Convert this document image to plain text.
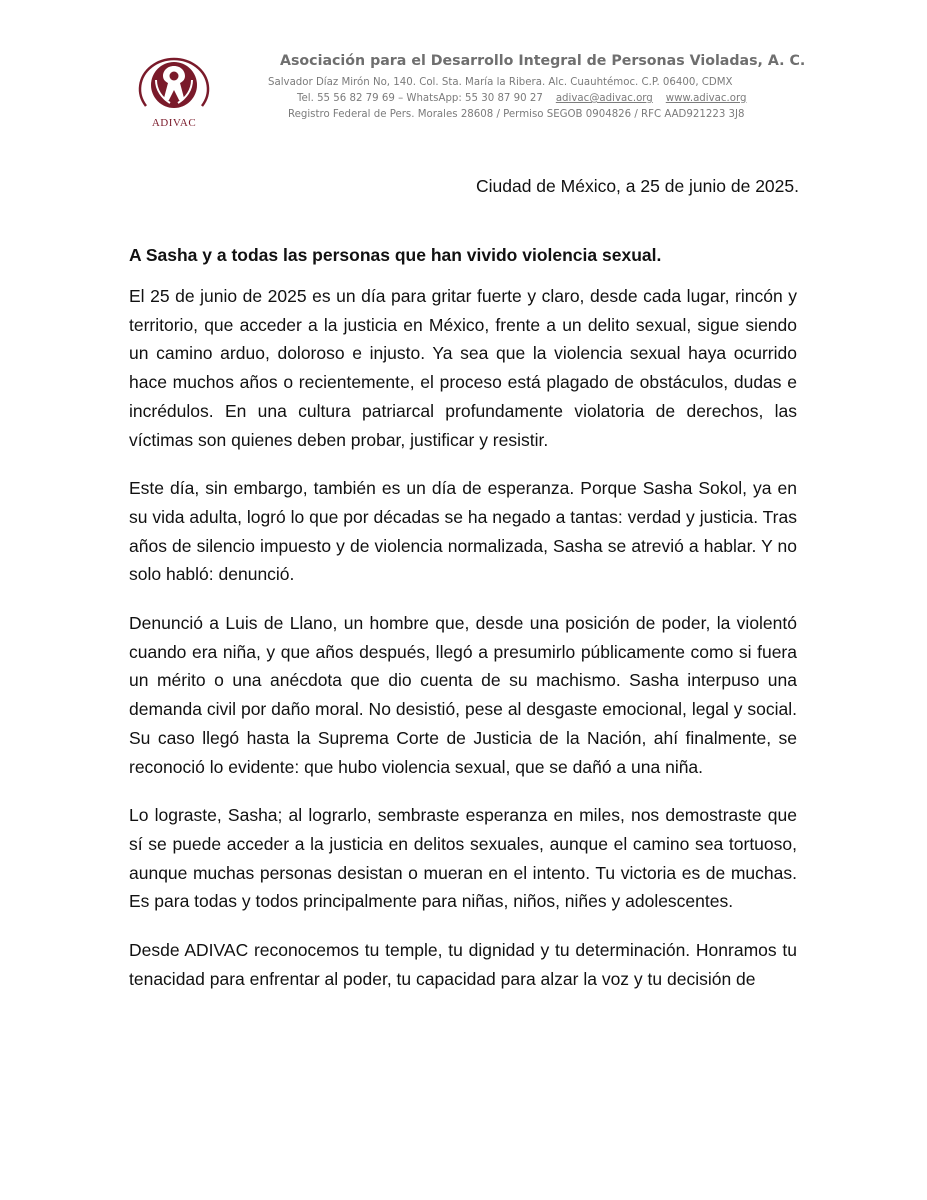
ADIVAC
Asociación para el Desarrollo Integral de Personas Violadas, A. C.
Salvador Díaz Mirón No, 140. Col. Sta. María la Ribera. Alc. Cuauhtémoc. C.P. 06400, CDMX
Tel. 55 56 82 79 69 – WhatsApp: 55 30 87 90 27 adivac@adivac.org www.adivac.org
Registro Federal de Pers. Morales 28608 / Permiso SEGOB 0904826 / RFC AAD921223 3J8
Ciudad de México, a 25 de junio de 2025.
A Sasha y a todas las personas que han vivido violencia sexual.

El 25 de junio de 2025 es un día para gritar fuerte y claro, desde cada lugar, rincón y territorio, que acceder a la justicia en México, frente a un delito sexual, sigue siendo un camino arduo, doloroso e injusto. Ya sea que la violencia sexual haya ocurrido hace muchos años o recientemente, el proceso está plagado de obstáculos, dudas e incrédulos. En una cultura patriarcal profundamente violatoria de derechos, las víctimas son quienes deben probar, justificar y resistir.

Este día, sin embargo, también es un día de esperanza. Porque Sasha Sokol, ya en su vida adulta, logró lo que por décadas se ha negado a tantas: verdad y justicia. Tras años de silencio impuesto y de violencia normalizada, Sasha se atrevió a hablar. Y no solo habló: denunció.

Denunció a Luis de Llano, un hombre que, desde una posición de poder, la violentó cuando era niña, y que años después, llegó a presumirlo públicamente como si fuera un mérito o una anécdota que dio cuenta de su machismo. Sasha interpuso una demanda civil por daño moral. No desistió, pese al desgaste emocional, legal y social. Su caso llegó hasta la Suprema Corte de Justicia de la Nación, ahí finalmente, se reconoció lo evidente: que hubo violencia sexual, que se dañó a una niña.

Lo lograste, Sasha; al lograrlo, sembraste esperanza en miles, nos demostraste que sí se puede acceder a la justicia en delitos sexuales, aunque el camino sea tortuoso, aunque muchas personas desistan o mueran en el intento. Tu victoria es de muchas. Es para todas y todos principalmente para niñas, niños, niñes y adolescentes.

Desde ADIVAC reconocemos tu temple, tu dignidad y tu determinación. Honramos tu tenacidad para enfrentar al poder, tu capacidad para alzar la voz y tu decisión de
